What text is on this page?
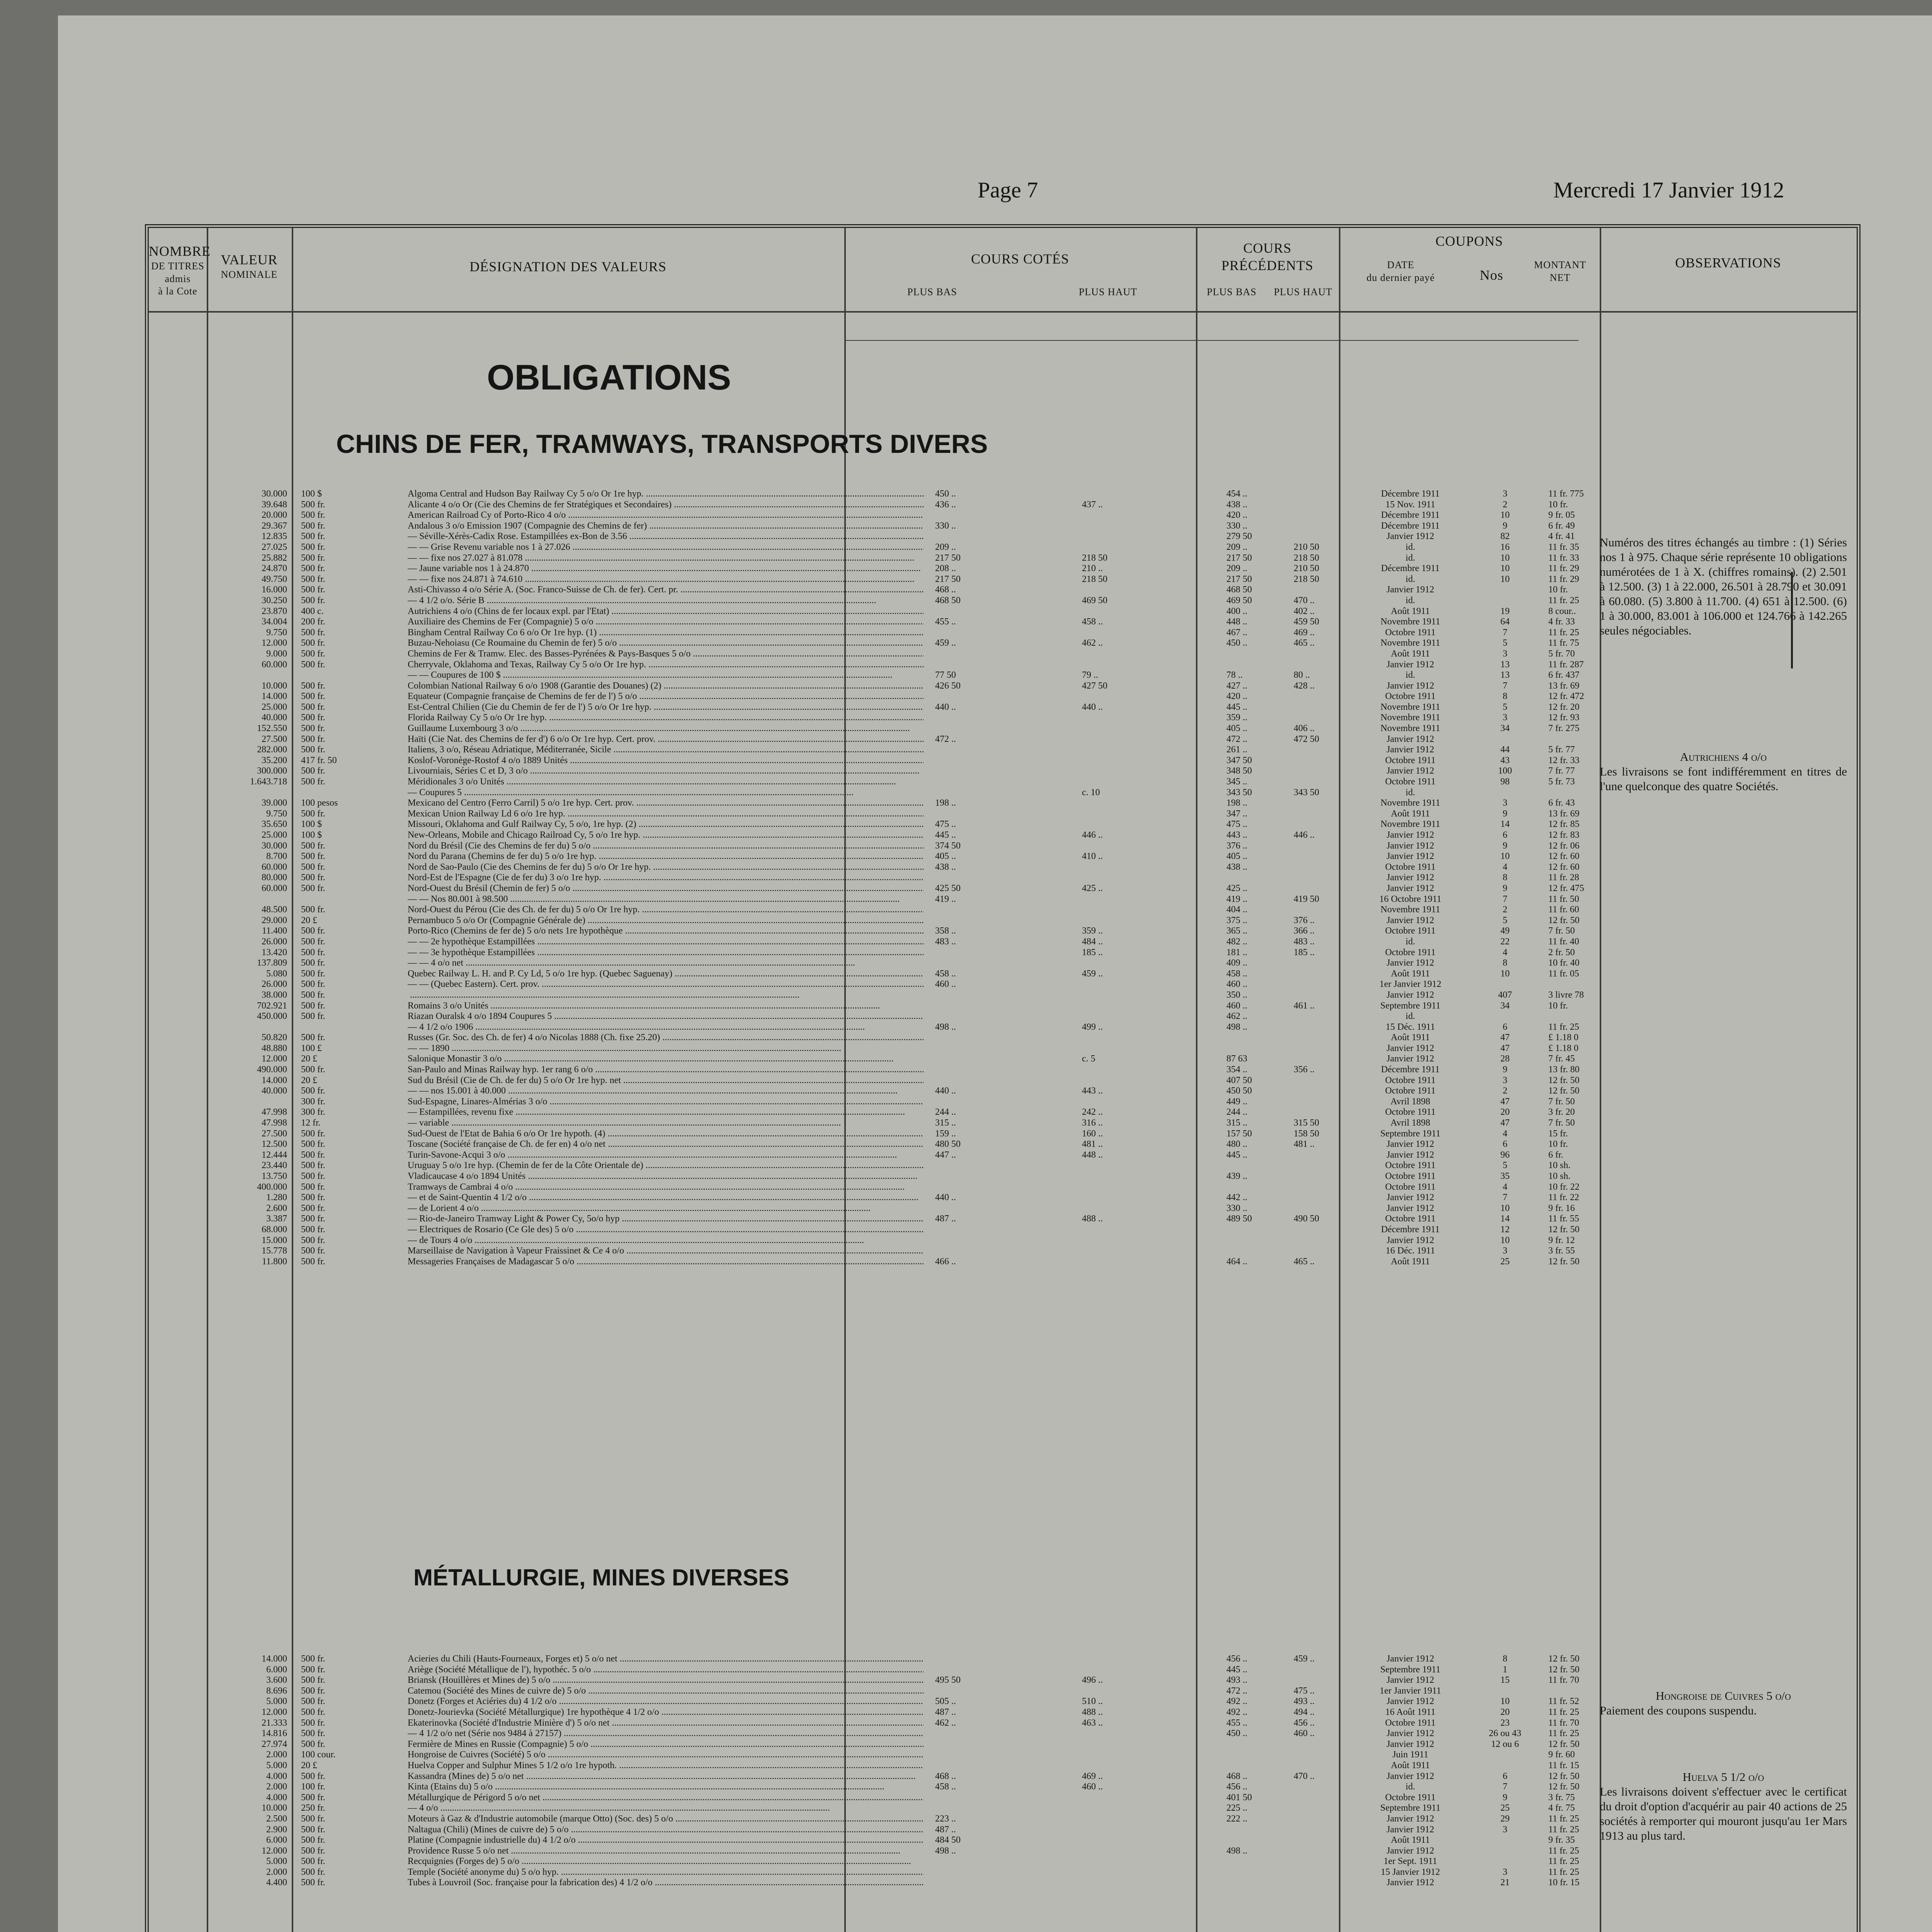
Page 7	Mercredi 17 Janvier 1912
NOMBRE
DE TITRES
admis
à la Cote
VALEUR
NOMINALE
DÉSIGNATION DES VALEURS	COURS COTÉS
PLUS BAS	PLUS HAUT
COURS
PRÉCÉDENTS
PLUS BAS	PLUS HAUT
COUPONS
DATE
du dernier payé	Nos
MONTANT
NET
OBSERVATIONS
OBLIGATIONS
CHINS DE FER, TRAMWAYS, TRANSPORTS DIVERS
MÉTALLURGIE, MINES DIVERSES
30.000	100 $	Algoma Central and Hudson Bay Railway Cy 5 o/o Or 1re hyp. .....	450 ..	454 ..	Décembre 1911	3	11 fr. 775
39.648	500 fr.	Alicante 4 o/o Or (Cie des Chemins de fer Stratégiques et Secondaires) .....	436 ..	437 ..	438 ..	15 Nov. 1911	2	10 fr.
20.000	500 fr.	American Railroad Cy of Porto-Rico 4 o/o .....	420 ..	Décembre 1911	10	9 fr. 05
29.367	500 fr.	Andalous 3 o/o Emission 1907 (Compagnie des Chemins de fer) .....	330 ..	330 ..	Décembre 1911	9	6 fr. 49
12.835	500 fr.	— Séville-Xérès-Cadix Rose. Estampillées ex-Bon de 3.56 .....	279 50	Janvier 1912	82	4 fr. 41
27.025	500 fr.	— — Grise Revenu variable nos 1 à 27.026 .....	209 ..	209 ..	210 50	id.	16	11 fr. 35
25.882	500 fr.	— — fixe nos 27.027 à 81.078 .....	217 50	218 50	217 50	218 50	id.	10	11 fr. 33
24.870	500 fr.	— Jaune variable nos 1 à 24.870 .....	208 ..	210 ..	209 ..	210 50	Décembre 1911	10	11 fr. 29
49.750	500 fr.	— — fixe nos 24.871 à 74.610 .....	217 50	218 50	217 50	218 50	id.	10	11 fr. 29
16.000	500 fr.	Asti-Chivasso 4 o/o Série A. (Soc. Franco-Suisse de Ch. de fer). Cert. pr. .....	468 ..	468 50	Janvier 1912	10 fr.
30.250	500 fr.	— 4 1/2 o/o. Série B .....	468 50	469 50	469 50	470 ..	id.	11 fr. 25
23.870	400 c.	Autrichiens 4 o/o (Chins de fer locaux expl. par l'Etat) .....	400 ..	402 ..	Août 1911	19	8 cour..
34.004	200 fr.	Auxiliaire des Chemins de Fer (Compagnie) 5 o/o .....	455 ..	458 ..	448 ..	459 50	Novembre 1911	64	4 fr. 33
9.750	500 fr.	Bingham Central Railway Co 6 o/o Or 1re hyp. (1) .....	467 ..	469 ..	Octobre 1911	7	11 fr. 25
12.000	500 fr.	Buzau-Nehoiasu (Ce Roumaine du Chemin de fer) 5 o/o .....	459 ..	462 ..	450 ..	465 ..	Novembre 1911	5	11 fr. 75
9.000	500 fr.	Chemins de Fer & Tramw. Elec. des Basses-Pyrénées & Pays-Basques 5 o/o .....	Août 1911	3	5 fr. 70
60.000	500 fr.	Cherryvale, Oklahoma and Texas, Railway Cy 5 o/o Or 1re hyp. .....	Janvier 1912	13	11 fr. 287
— — Coupures de 100 $ .....	77 50	79 ..	78 ..	80 ..	id.	13	6 fr. 437
10.000	500 fr.	Colombian National Railway 6 o/o 1908 (Garantie des Douanes) (2) .....	426 50	427 50	427 ..	428 ..	Janvier 1912	7	13 fr. 69
14.000	500 fr.	Equateur (Compagnie française de Chemins de fer de l') 5 o/o .....	420 ..	Octobre 1911	8	12 fr. 472
25.000	500 fr.	Est-Central Chilien (Cie du Chemin de fer de l') 5 o/o Or 1re hyp. .....	440 ..	440 ..	445 ..	Novembre 1911	5	12 fr. 20
40.000	500 fr.	Florida Railway Cy 5 o/o Or 1re hyp. .....	359 ..	Novembre 1911	3	12 fr. 93
152.550	500 fr.	Guillaume Luxembourg 3 o/o .....	405 ..	406 ..	Novembre 1911	34	7 fr. 275
27.500	500 fr.	Haïti (Cie Nat. des Chemins de fer d') 6 o/o Or 1re hyp. Cert. prov. .....	472 ..	472 ..	472 50	Janvier 1912
282.000	500 fr.	Italiens, 3 o/o, Réseau Adriatique, Méditerranée, Sicile .....	261 ..	Janvier 1912	44	5 fr. 77
35.200	417 fr. 50	Koslof-Voronège-Rostof 4 o/o 1889 Unités .....	347 50	Octobre 1911	43	12 fr. 33
300.000	500 fr.	Livourniais, Séries C et D, 3 o/o .....	348 50	Janvier 1912	100	7 fr. 77
1.643.718	500 fr.	Méridionales 3 o/o Unités .....	345 ..	Octobre 1911	98	5 fr. 73
— Coupures 5 .....	c. 10	343 50	343 50	id.
39.000	100 pesos	Mexicano del Centro (Ferro Carril) 5 o/o 1re hyp. Cert. prov. .....	198 ..	198 ..	Novembre 1911	3	6 fr. 43
9.750	500 fr.	Mexican Union Railway Ld 6 o/o 1re hyp. .....	347 ..	Août 1911	9	13 fr. 69
35.650	100 $	Missouri, Oklahoma and Gulf Railway Cy, 5 o/o, 1re hyp. (2) .....	475 ..	475 ..	Novembre 1911	14	12 fr. 85
25.000	100 $	New-Orleans, Mobile and Chicago Railroad Cy, 5 o/o 1re hyp. .....	445 ..	446 ..	443 ..	446 ..	Janvier 1912	6	12 fr. 83
30.000	500 fr.	Nord du Brésil (Cie des Chemins de fer du) 5 o/o .....	374 50	376 ..	Janvier 1912	9	12 fr. 06
8.700	500 fr.	Nord du Parana (Chemins de fer du) 5 o/o 1re hyp. .....	405 ..	410 ..	405 ..	Janvier 1912	10	12 fr. 60
60.000	500 fr.	Nord de Sao-Paulo (Cie des Chemins de fer du) 5 o/o Or 1re hyp. .....	438 ..	438 ..	Octobre 1911	4	12 fr. 60
80.000	500 fr.	Nord-Est de l'Espagne (Cie de fer du) 3 o/o 1re hyp. .....	Janvier 1912	8	11 fr. 28
60.000	500 fr.	Nord-Ouest du Brésil (Chemin de fer) 5 o/o .....	425 50	425 ..	425 ..	Janvier 1912	9	12 fr. 475
— — Nos 80.001 à 98.500 .....	419 ..	419 ..	419 50	16 Octobre 1911	7	11 fr. 50
48.500	500 fr.	Nord-Ouest du Pérou (Cie des Ch. de fer du) 5 o/o Or 1re hyp. .....	404 ..	Novembre 1911	2	11 fr. 60
29.000	20 £	Pernambuco 5 o/o Or (Compagnie Générale de) .....	375 ..	376 ..	Janvier 1912	5	12 fr. 50
11.400	500 fr.	Porto-Rico (Chemins de fer de) 5 o/o nets 1re hypothèque .....	358 ..	359 ..	365 ..	366 ..	Octobre 1911	49	7 fr. 50
26.000	500 fr.	— — 2e hypothèque Estampillées .....	483 ..	484 ..	482 ..	483 ..	id.	22	11 fr. 40
13.420	500 fr.	— — 3e hypothèque Estampillées .....	185 ..	181 ..	185 ..	Octobre 1911	4	2 fr. 50
137.809	500 fr.	— — 4 o/o net .....	409 ..	Janvier 1912	8	10 fr. 40
5.080	500 fr.	Quebec Railway L. H. and P. Cy Ld, 5 o/o 1re hyp. (Quebec Saguenay) .....	458 ..	459 ..	458 ..	Août 1911	10	11 fr. 05
26.000	500 fr.	— — (Quebec Eastern). Cert. prov. .....	460 ..	460 ..	1er Janvier 1912
38.000	500 fr.
.....	350 ..	Janvier 1912	407	3 livre 78
702.921	500 fr.	Romains 3 o/o Unités .....	460 ..	461 ..	Septembre 1911	34	10 fr.
450.000	500 fr.	Riazan Ouralsk 4 o/o 1894 Coupures 5 .....	462 ..	id.
— 4 1/2 o/o 1906 .....	498 ..	499 ..	498 ..	15 Déc. 1911	6	11 fr. 25
50.820	500 fr.	Russes (Gr. Soc. des Ch. de fer) 4 o/o Nicolas 1888 (Ch. fixe 25.20) .....	Août 1911	47	£ 1.18 0
48.880	100 £	— — 1890 .....	Janvier 1912	47	£ 1.18 0
12.000	20 £	Salonique Monastir 3 o/o .....	c. 5	87 63	Janvier 1912	28	7 fr. 45
490.000	500 fr.	San-Paulo and Minas Railway hyp. 1er rang 6 o/o .....	354 ..	356 ..	Décembre 1911	9	13 fr. 80
14.000	20 £	Sud du Brésil (Cie de Ch. de fer du) 5 o/o Or 1re hyp. net .....	407 50	Octobre 1911	3	12 fr. 50
40.000	500 fr.	— — nos 15.001 à 40.000 .....	440 ..	443 ..	450 50	Octobre 1911	2	12 fr. 50
300 fr.	Sud-Espagne, Linares-Almérias 3 o/o .....	449 ..	Avril 1898	47	7 fr. 50
47.998	300 fr.	— Estampillées, revenu fixe .....	244 ..	242 ..	244 ..	Octobre 1911	20	3 fr. 20
47.998	12 fr.	— variable .....	315 ..	316 ..	315 ..	315 50	Avril 1898	47	7 fr. 50
27.500	500 fr.	Sud-Ouest de l'Etat de Bahia 6 o/o Or 1re hypoth. (4) .....	159 ..	160 ..	157 50	158 50	Septembre 1911	4	15 fr.
12.500	500 fr.	Toscane (Société française de Ch. de fer en) 4 o/o net .....	480 50	481 ..	480 ..	481 ..	Janvier 1912	6	10 fr.
12.444	500 fr.	Turin-Savone-Acqui 3 o/o .....	447 ..	448 ..	445 ..	Janvier 1912	96	6 fr.
23.440	500 fr.	Uruguay 5 o/o 1re hyp. (Chemin de fer de la Côte Orientale de) .....	Octobre 1911	5	10 sh.
13.750	500 fr.	Vladicaucase 4 o/o 1894 Unités .....	439 ..	Octobre 1911	35	10 sh.
400.000	500 fr.	Tramways de Cambrai 4 o/o .....	Octobre 1911	4	10 fr. 22
1.280	500 fr.	— et de Saint-Quentin 4 1/2 o/o .....	440 ..	442 ..	Janvier 1912	7	11 fr. 22
2.600	500 fr.	— de Lorient 4 o/o .....	330 ..	Janvier 1912	10	9 fr. 16
3.387	500 fr.	— Rio-de-Janeiro Tramway Light & Power Cy, 5o/o hyp .....	487 ..	488 ..	489 50	490 50	Octobre 1911	14	11 fr. 55
68.000	500 fr.	— Electriques de Rosario (Ce Gle des) 5 o/o .....	Décembre 1911	12	12 fr. 50
15.000	500 fr.	— de Tours 4 o/o .....	Janvier 1912	10	9 fr. 12
15.778	500 fr.	Marseillaise de Navigation à Vapeur Fraissinet & Ce 4 o/o .....	16 Déc. 1911	3	3 fr. 55
11.800	500 fr.	Messageries Françaises de Madagascar 5 o/o .....	466 ..	464 ..	465 ..	Août 1911	25	12 fr. 50
14.000	500 fr.	Acieries du Chili (Hauts-Fourneaux, Forges et) 5 o/o net .....	456 ..	459 ..	Janvier 1912	8	12 fr. 50
6.000	500 fr.	Ariège (Société Métallique de l'), hypothéc. 5 o/o .....	445 ..	Septembre 1911	1	12 fr. 50
3.600	500 fr.	Briansk (Houillères et Mines de) 5 o/o .....	495 50	496 ..	493 ..	Janvier 1912	15	11 fr. 70
8.696	500 fr.	Catemou (Société des Mines de cuivre de) 5 o/o .....	472 ..	475 ..	1er Janvier 1911
5.000	500 fr.	Donetz (Forges et Aciéries du) 4 1/2 o/o .....	505 ..	510 ..	492 ..	493 ..	Janvier 1912	10	11 fr. 52
12.000	500 fr.	Donetz-Jourievka (Société Métallurgique) 1re hypothèque 4 1/2 o/o .....	487 ..	488 ..	492 ..	494 ..	16 Août 1911	20	11 fr. 25
21.333	500 fr.	Ekaterinovka (Société d'Industrie Minière d') 5 o/o net .....	462 ..	463 ..	455 ..	456 ..	Octobre 1911	23	11 fr. 70
14.816	500 fr.	— 4 1/2 o/o net (Série nos 9484 à 27157) .....	450 ..	460 ..	Janvier 1912	26 ou 43	11 fr. 25
27.974	500 fr.	Fermière de Mines en Russie (Compagnie) 5 o/o .....	Janvier 1912	12 ou 6	12 fr. 50
2.000	100 cour.	Hongroise de Cuivres (Société) 5 o/o .....	Juin 1911	9 fr. 60
5.000	20 £	Huelva Copper and Sulphur Mines 5 1/2 o/o 1re hypoth. .....	Août 1911	11 fr. 15
4.000	500 fr.	Kassandra (Mines de) 5 o/o net .....	468 ..	469 ..	468 ..	470 ..	Janvier 1912	6	12 fr. 50
2.000	100 fr.	Kinta (Etains du) 5 o/o .....	458 ..	460 ..	456 ..	id.	7	12 fr. 50
4.000	500 fr.	Métallurgique de Périgord 5 o/o net .....	401 50	Octobre 1911	9	3 fr. 75
10.000	250 fr.	— 4 o/o .....	225 ..	Septembre 1911	25	4 fr. 75
2.500	500 fr.	Moteurs à Gaz & d'Industrie automobile (marque Otto) (Soc. des) 5 o/o .....	223 ..	222 ..	Janvier 1912	29	11 fr. 25
2.900	500 fr.	Naltagua (Chili) (Mines de cuivre de) 5 o/o .....	487 ..	Janvier 1912	3	11 fr. 25
6.000	500 fr.	Platine (Compagnie industrielle du) 4 1/2 o/o .....	484 50	Août 1911	9 fr. 35
12.000	500 fr.	Providence Russe 5 o/o net .....	498 ..	498 ..	Janvier 1912	11 fr. 25
5.000	500 fr.	Recquignies (Forges de) 5 o/o .....	1er Sept. 1911	11 fr. 25
2.000	500 fr.	Temple (Société anonyme du) 5 o/o hyp. .....	15 Janvier 1912	3	11 fr. 25
4.400	500 fr.	Tubes à Louvroil (Soc. française pour la fabrication des) 4 1/2 o/o .....	Janvier 1912	21	10 fr. 15

Numéros des titres échangés au timbre : (1) Séries nos 1 à 975. Chaque série représente 10 obligations numérotées de 1 à X. (chiffres romains). (2) 2.501 à 12.500. (3) 1 à 22.000, 26.501 à 28.790 et 30.091 à 60.080. (5) 3.800 à 11.700. (4) 651 à 12.500. (6) 1 à 30.000, 83.001 à 106.000 et 124.766 à 142.265 seules négociables.

Autrichiens 4 o/o

Les livraisons se font indifféremment en titres de l'une quelconque des quatre Sociétés.

Hongroise de Cuivres 5 o/o

Paiement des coupons suspendu.

Huelva 5 1/2 o/o

Les livraisons doivent s'effectuer avec le certificat du droit d'option d'acquérir au pair 40 actions de 25 sociétés à remporter qui mouront jusqu'au 1er Mars 1913 au plus tard.
